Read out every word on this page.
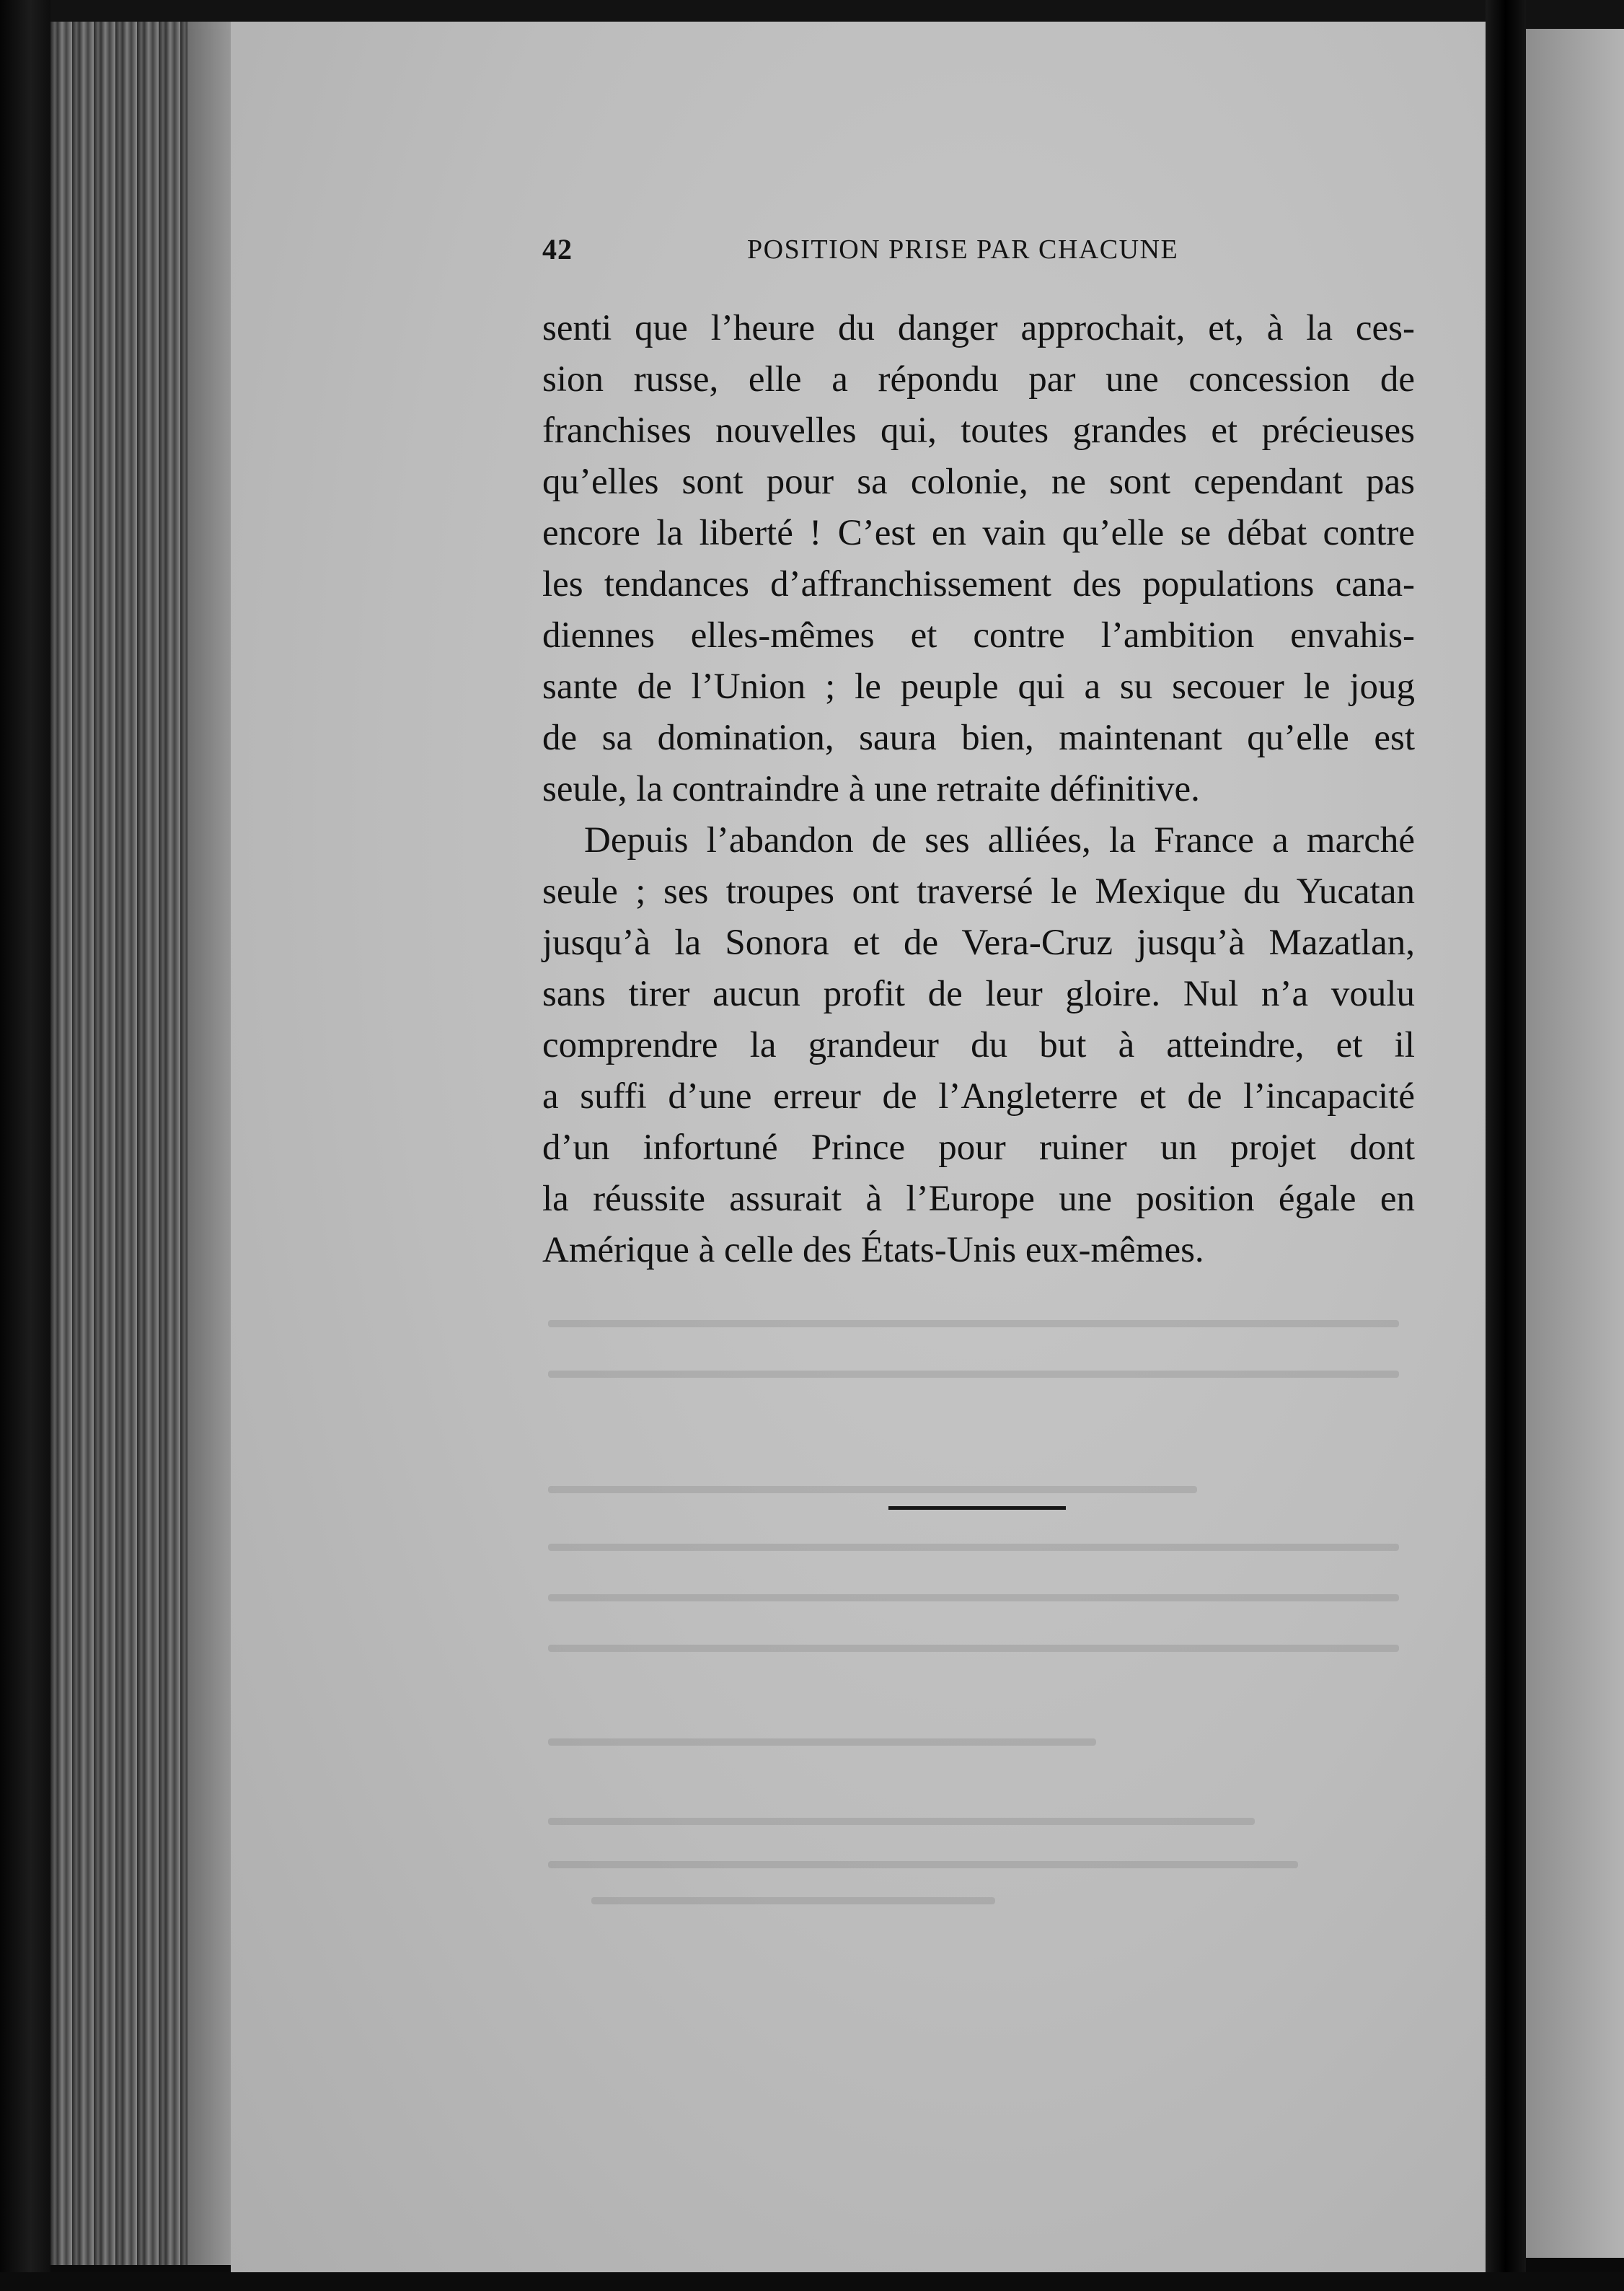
42	POSITION PRISE PAR CHACUNE
senti que l’heure du danger approchait, et, à la ces-
sion russe, elle a répondu par une concession de
franchises nouvelles qui, toutes grandes et précieuses
qu’elles sont pour sa colonie, ne sont cependant pas
encore la liberté ! C’est en vain qu’elle se débat contre
les tendances d’affranchissement des populations cana-
diennes elles-mêmes et contre l’ambition envahis-
sante de l’Union ; le peuple qui a su secouer le joug
de sa domination, saura bien, maintenant qu’elle est
seule, la contraindre à une retraite définitive.
Depuis l’abandon de ses alliées, la France a marché
seule ; ses troupes ont traversé le Mexique du Yucatan
jusqu’à la Sonora et de Vera-Cruz jusqu’à Mazatlan,
sans tirer aucun profit de leur gloire. Nul n’a voulu
comprendre la grandeur du but à atteindre, et il
a suffi d’une erreur de l’Angleterre et de l’incapacité
d’un infortuné Prince pour ruiner un projet dont
la réussite assurait à l’Europe une position égale en
Amérique à celle des États-Unis eux-mêmes.
